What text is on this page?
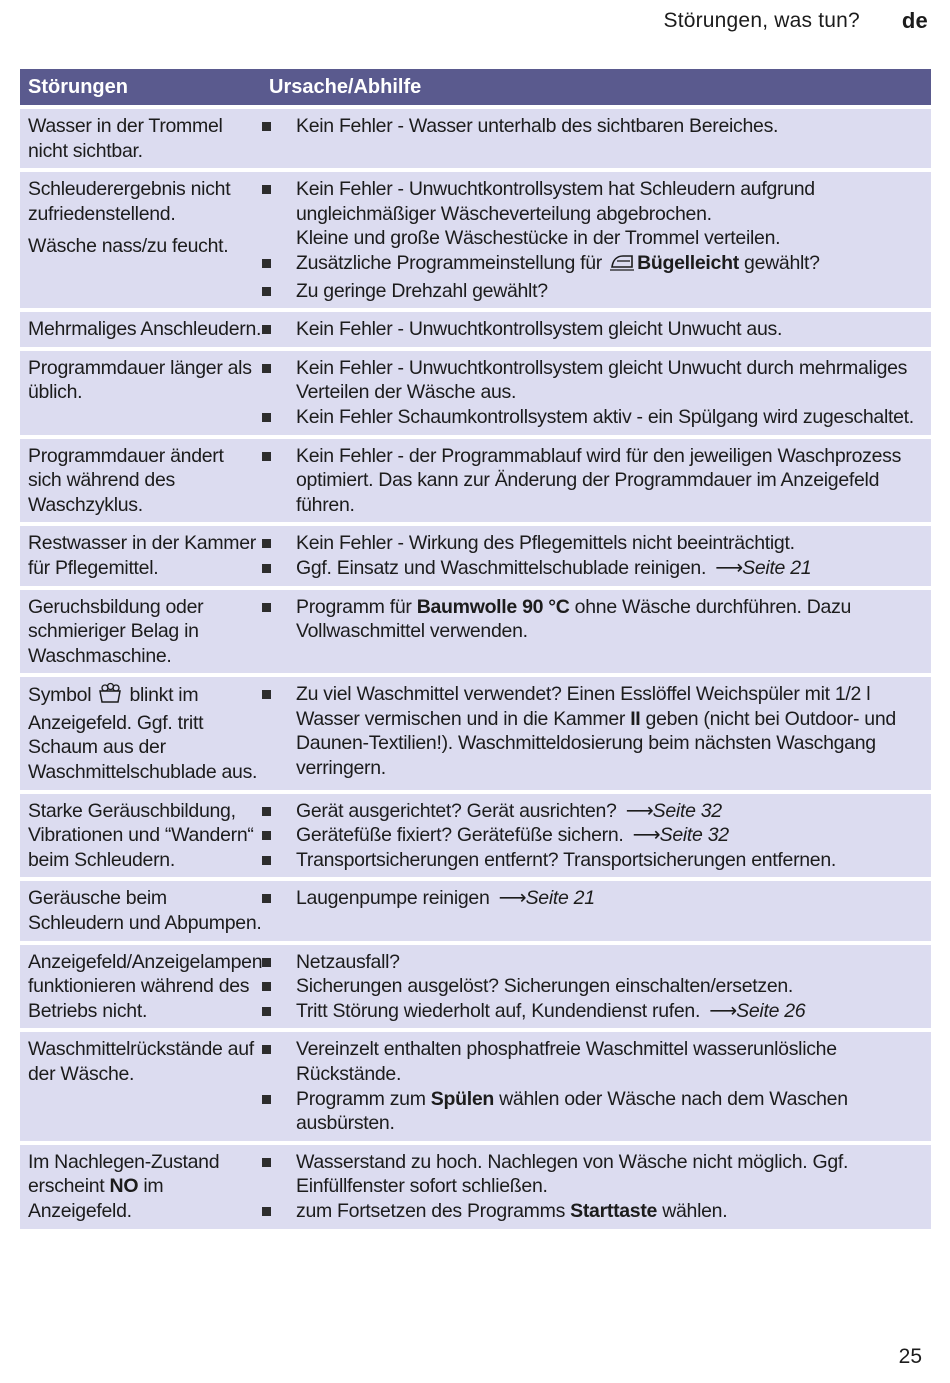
Störungen, was tun? de
Störungen	Ursache/Abhilfe
Wasser in der Trommel nicht sichtbar.
Kein Fehler - Wasser unterhalb des sichtbaren Bereiches.
Schleuderergebnis nicht zufriedenstellend.
Wäsche nass/zu feucht.
Kein Fehler - Unwuchtkontrollsystem hat Schleudern aufgrund ungleichmäßiger Wäscheverteilung abgebrochen.
Kleine und große Wäschestücke in der Trommel verteilen.
Zusätzliche Programmeinstellung für Bügelleicht gewählt?
Zu geringe Drehzahl gewählt?
Mehrmaliges Anschleudern. Kein Fehler - Unwuchtkontrollsystem gleicht Unwucht aus.
Programmdauer länger als üblich.
Kein Fehler - Unwuchtkontrollsystem gleicht Unwucht durch mehrmaliges Verteilen der Wäsche aus.
Kein Fehler Schaumkontrollsystem aktiv - ein Spülgang wird zugeschaltet.
Programmdauer ändert sich während des Waschzyklus.
Kein Fehler - der Programmablauf wird für den jeweiligen Waschprozess optimiert. Das kann zur Änderung der Programmdauer im Anzeigefeld führen.
Restwasser in der Kammer für Pflegemittel.
Kein Fehler - Wirkung des Pflegemittels nicht beeinträchtigt.
Ggf. Einsatz und Waschmittelschublade reinigen. ⟶ Seite 21
Geruchsbildung oder schmieriger Belag in Waschmaschine.
Programm für Baumwolle 90 °C ohne Wäsche durchführen. Dazu Vollwaschmittel verwenden.
Symbol  blinkt im Anzeigefeld. Ggf. tritt Schaum aus der Waschmittelschublade aus.
Zu viel Waschmittel verwendet? Einen Esslöffel Weichspüler mit 1/2 l Wasser vermischen und in die Kammer II geben (nicht bei Outdoor- und Daunen-Textilien!). Waschmitteldosierung beim nächsten Waschgang verringern.
Starke Geräuschbildung, Vibrationen und “Wandern“ beim Schleudern.
Gerät ausgerichtet? Gerät ausrichten? ⟶ Seite 32
Gerätefüße fixiert? Gerätefüße sichern. ⟶ Seite 32
Transportsicherungen entfernt? Transportsicherungen entfernen.
Geräusche beim Schleudern und Abpumpen.
Laugenpumpe reinigen ⟶ Seite 21
Anzeigefeld/Anzeigelampen funktionieren während des Betriebs nicht.
Netzausfall?
Sicherungen ausgelöst? Sicherungen einschalten/ersetzen.
Tritt Störung wiederholt auf, Kundendienst rufen. ⟶ Seite 26
Waschmittelrückstände auf der Wäsche.
Vereinzelt enthalten phosphatfreie Waschmittel wasserunlösliche Rückstände.
Programm zum Spülen wählen oder Wäsche nach dem Waschen ausbürsten.
Im Nachlegen-Zustand erscheint NO im Anzeigefeld.
Wasserstand zu hoch. Nachlegen von Wäsche nicht möglich. Ggf. Einfüllfenster sofort schließen.
zum Fortsetzen des Programms Starttaste wählen.
25
